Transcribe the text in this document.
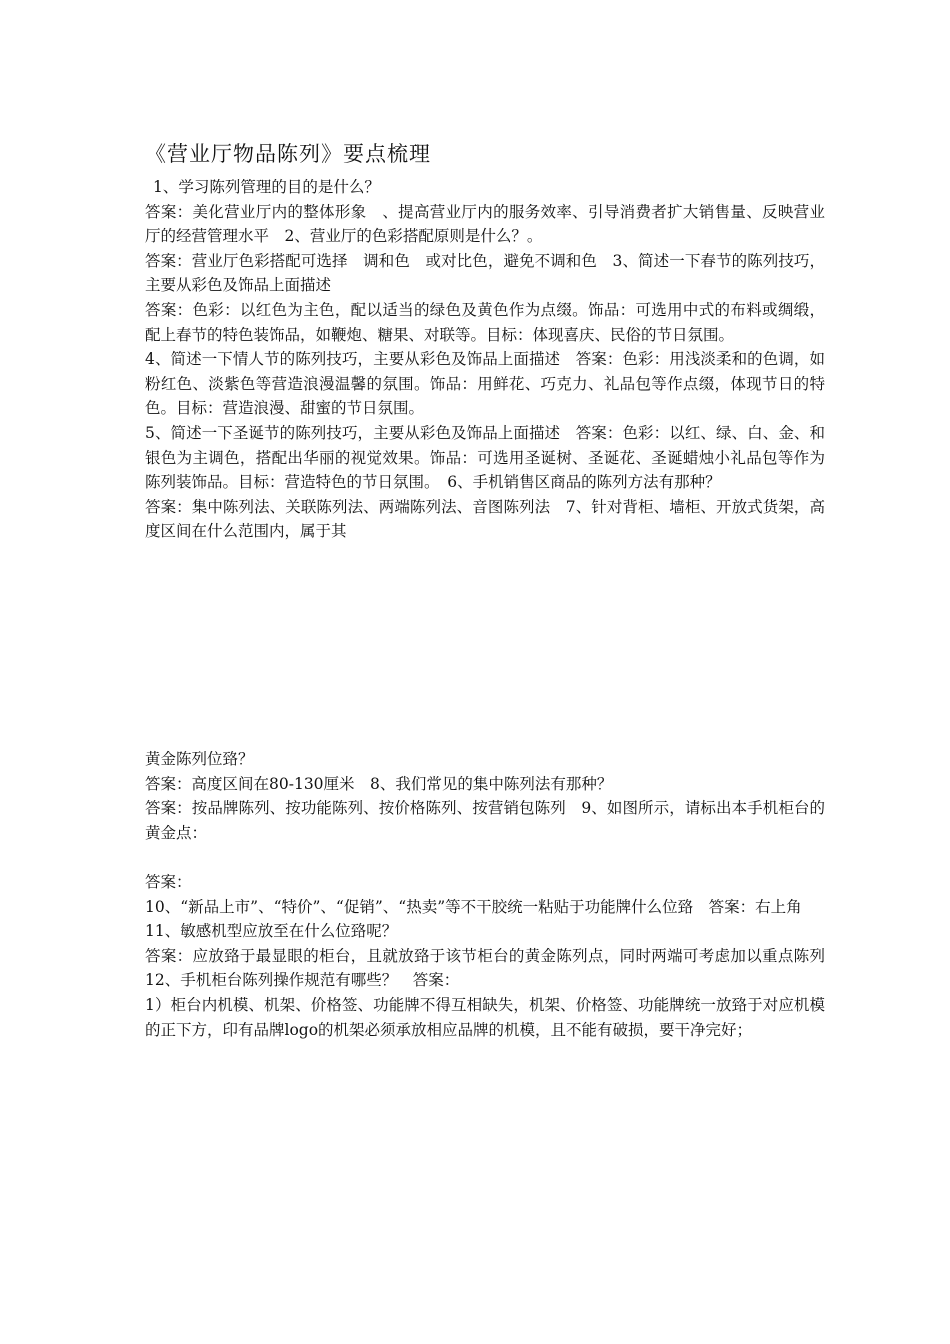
《营业厅物品陈列》要点梳理

1、学习陈列管理的目的是什么？

答案：美化营业厅内的整体形象　、提高营业厅内的服务效率、引导消费者扩大销售量、反映营业厅的经营管理水平　2、营业厅的色彩搭配原则是什么？。

答案：营业厅色彩搭配可选择　调和色　或对比色，避免不调和色　3、简述一下春节的陈列技巧，主要从彩色及饰品上面描述

答案：色彩：以红色为主色，配以适当的绿色及黄色作为点缀。饰品：可选用中式的布料或绸缎，配上春节的特色装饰品，如鞭炮、糖果、对联等。目标：体现喜庆、民俗的节日氛围。

4、简述一下情人节的陈列技巧，主要从彩色及饰品上面描述　答案：色彩：用浅淡柔和的色调，如粉红色、淡紫色等营造浪漫温馨的氛围。饰品：用鲜花、巧克力、礼品包等作点缀，体现节日的特色。目标：营造浪漫、甜蜜的节日氛围。

5、简述一下圣诞节的陈列技巧，主要从彩色及饰品上面描述　答案：色彩：以红、绿、白、金、和银色为主调色，搭配出华丽的视觉效果。饰品：可选用圣诞树、圣诞花、圣诞蜡烛小礼品包等作为陈列装饰品。目标：营造特色的节日氛围。　6、手机销售区商品的陈列方法有那种？

答案：集中陈列法、关联陈列法、两端陈列法、音图陈列法　7、针对背柜、墙柜、开放式货架，高度区间在什么范围内，属于其

黄金陈列位臵？

答案：高度区间在80-130厘米　8、我们常见的集中陈列法有那种？

答案：按品牌陈列、按功能陈列、按价格陈列、按营销包陈列　9、如图所示，请标出本手机柜台的黄金点：

答案：

10、“新品上市”、“特价”、“促销”、“热卖”等不干胶统一粘贴于功能牌什么位臵　答案：右上角

11、敏感机型应放至在什么位臵呢？

答案：应放臵于最显眼的柜台，且就放臵于该节柜台的黄金陈列点，同时两端可考虑加以重点陈列　12、手机柜台陈列操作规范有哪些？　答案：

1）柜台内机模、机架、价格签、功能牌不得互相缺失，机架、价格签、功能牌统一放臵于对应机模的正下方，印有品牌logo的机架必须承放相应品牌的机模，且不能有破损，要干净完好；
